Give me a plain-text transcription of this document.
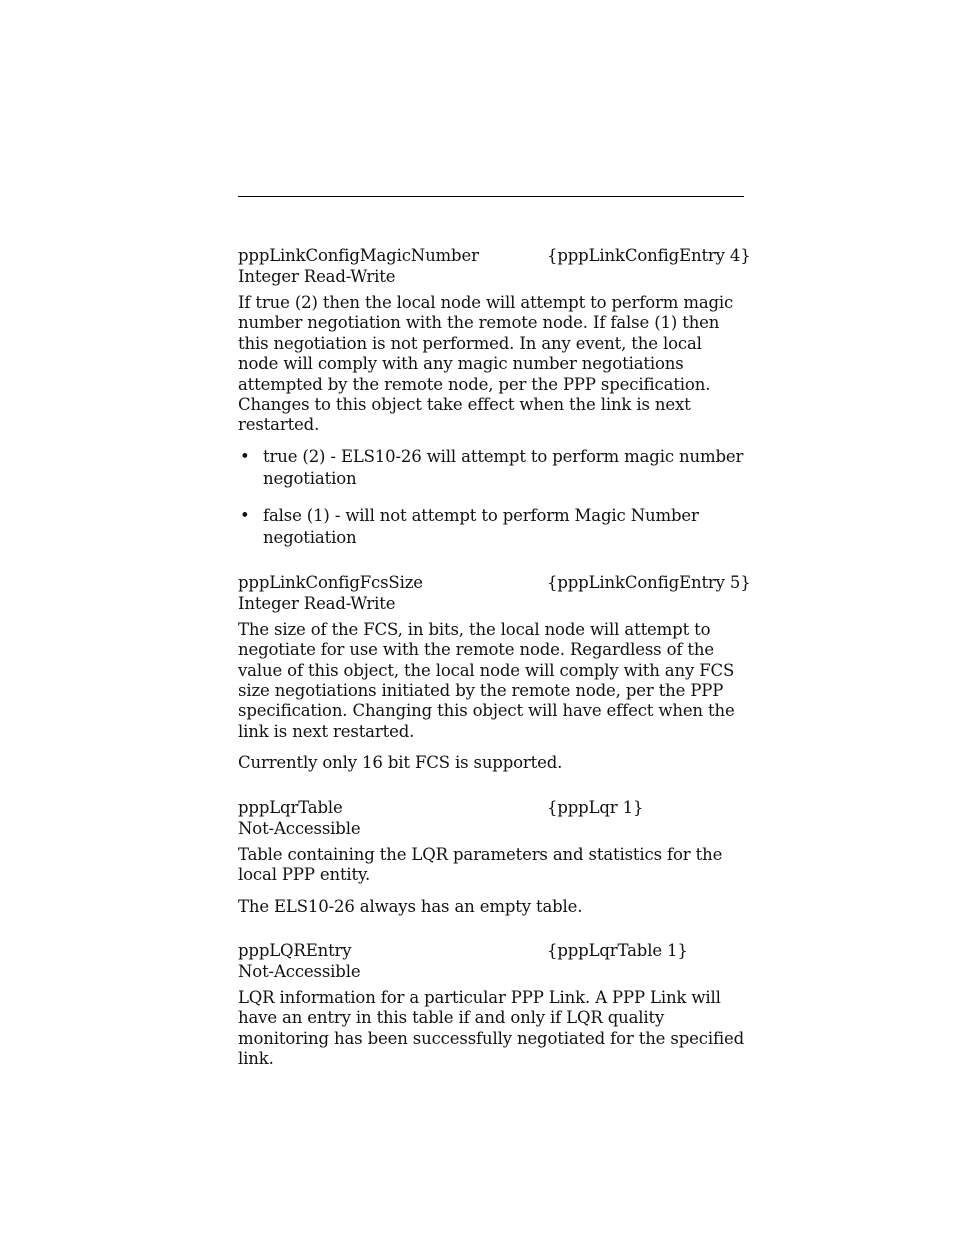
pppLinkConfigMagicNumber	{pppLinkConfigEntry 4}
Integer Read-Write

If true (2) then the local node will attempt to perform magic number negotiation with the remote node. If false (1) then this negotiation is not performed. In any event, the local node will comply with any magic number negotiations attempted by the remote node, per the PPP specification. Changes to this object take effect when the link is next restarted.

• true (2) - ELS10-26 will attempt to perform magic number negotiation
• false (1) - will not attempt to perform Magic Number negotiation
pppLinkConfigFcsSize	{pppLinkConfigEntry 5}
Integer Read-Write

The size of the FCS, in bits, the local node will attempt to negotiate for use with the remote node. Regardless of the value of this object, the local node will comply with any FCS size negotiations initiated by the remote node, per the PPP specification. Changing this object will have effect when the link is next restarted.

Currently only 16 bit FCS is supported.

pppLqrTable	{pppLqr 1}
Not-Accessible

Table containing the LQR parameters and statistics for the local PPP entity.

The ELS10-26 always has an empty table.

pppLQREntry	{pppLqrTable 1}
Not-Accessible

LQR information for a particular PPP Link. A PPP Link will have an entry in this table if and only if LQR quality monitoring has been successfully negotiated for the specified link.
